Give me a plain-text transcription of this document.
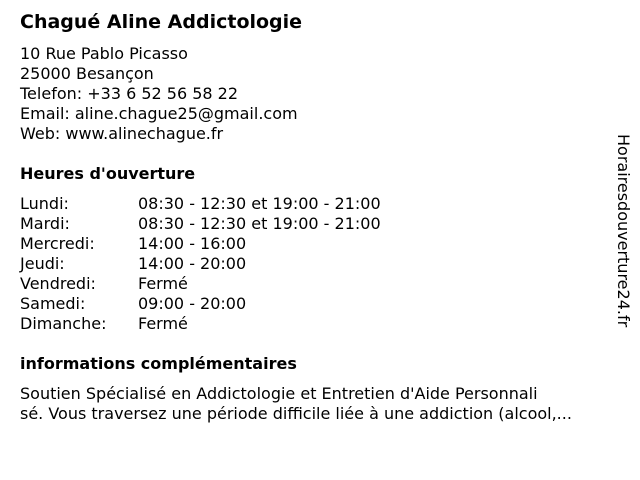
Chagué Aline Addictologie
10 Rue Pablo Picasso
25000 Besançon
Telefon: +33 6 52 56 58 22
Email: aline.chague25@gmail.com
Web: www.alinechague.fr
Heures d'ouverture
Lundi:	08:30 - 12:30 et 19:00 - 21:00
Mardi:	08:30 - 12:30 et 19:00 - 21:00
Mercredi:	14:00 - 16:00
Jeudi:	14:00 - 20:00
Vendredi:	Fermé
Samedi:	09:00 - 20:00
Dimanche: Fermé
informations complémentaires
Soutien Spécialisé en Addictologie et Entretien d'Aide Personnali
sé. Vous traversez une période difficile liée à une addiction (alcool,...
Horairesdouverture24.fr
